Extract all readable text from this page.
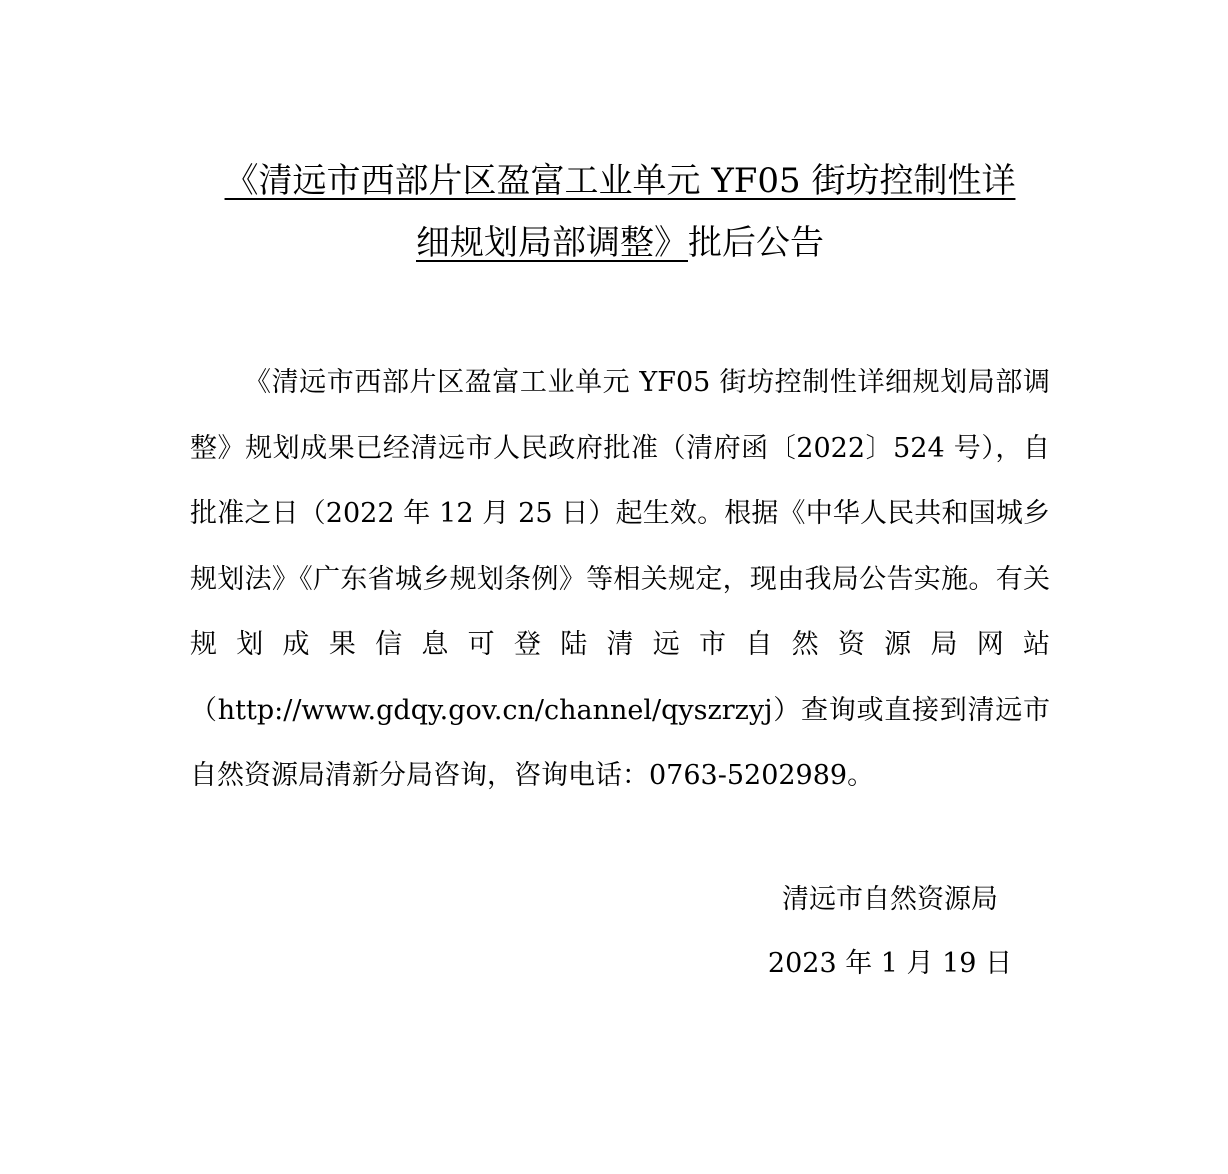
《清远市西部片区盈富工业单元 YF05 街坊控制性详
细规划局部调整》批后公告

《清远市西部片区盈富工业单元 YF05 街坊控制性详细规划局部调整》规划成果已经清远市人民政府批准（清府函〔2022〕524 号），自批准之日（2022 年 12 月 25 日）起生效。根据《中华人民共和国城乡规划法》《广东省城乡规划条例》等相关规定，现由我局公告实施。有关规划成果信息可登陆清远市自然资源局网站（http://www.gdqy.gov.cn/channel/qyszrzyj）查询或直接到清远市自然资源局清新分局咨询，咨询电话：0763-5202989。

清远市自然资源局
2023 年 1 月 19 日
